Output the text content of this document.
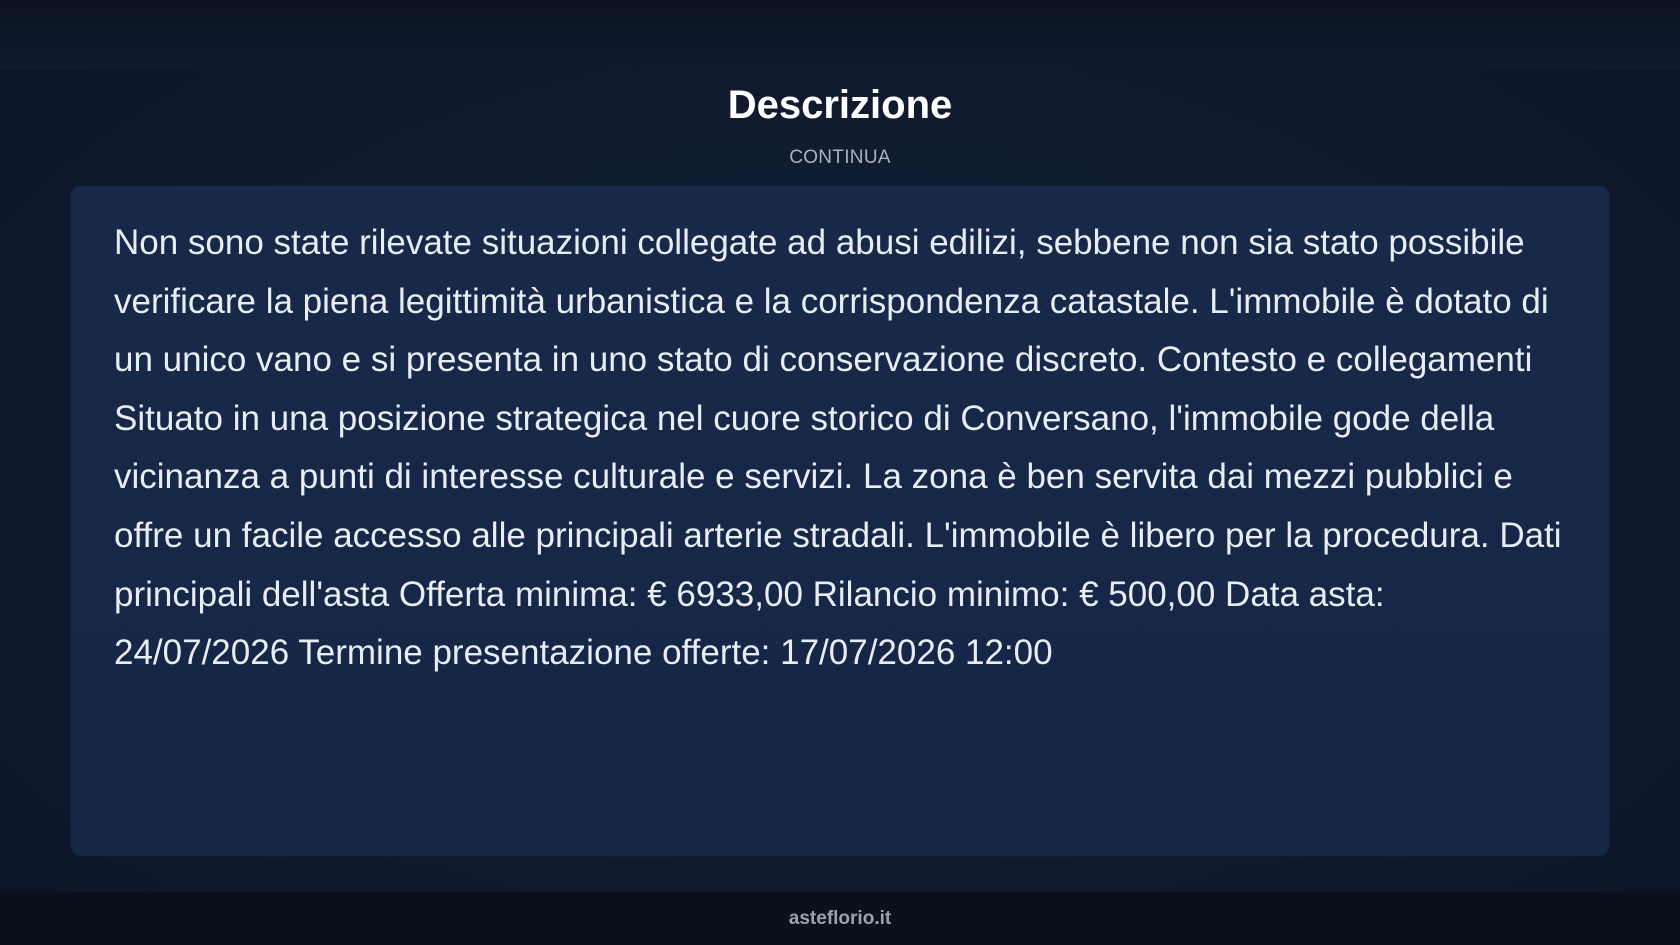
Descrizione
CONTINUA

Non sono state rilevate situazioni collegate ad abusi edilizi, sebbene non sia stato possibile verificare la piena legittimità urbanistica e la corrispondenza catastale. L'immobile è dotato di un unico vano e si presenta in uno stato di conservazione discreto. Contesto e collegamenti Situato in una posizione strategica nel cuore storico di Conversano, l'immobile gode della vicinanza a punti di interesse culturale e servizi. La zona è ben servita dai mezzi pubblici e offre un facile accesso alle principali arterie stradali. L'immobile è libero per la procedura. Dati principali dell'asta Offerta minima: € 6933,00 Rilancio minimo: € 500,00 Data asta: 24/07/2026 Termine presentazione offerte: 17/07/2026 12:00

asteflorio.it
